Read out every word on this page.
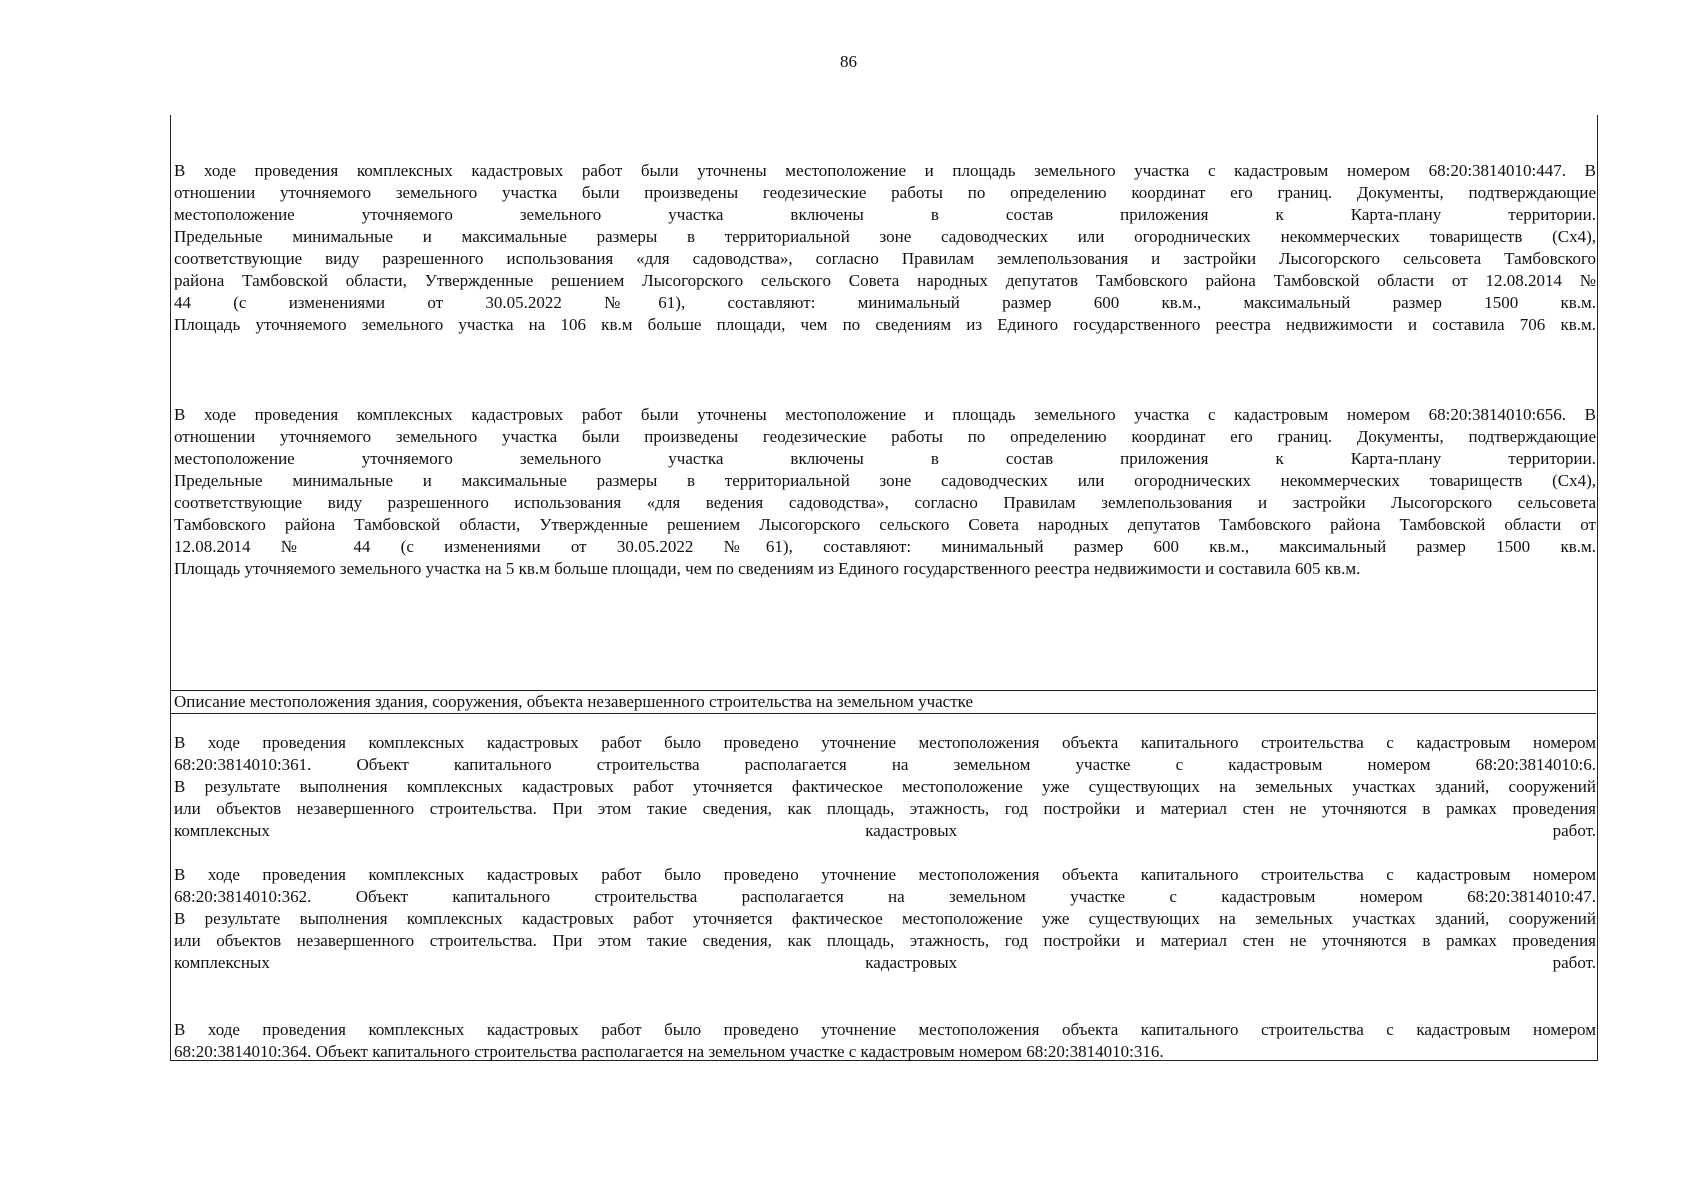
86
В ходе проведения комплексных кадастровых работ были уточнены местоположение и площадь земельного участка с кадастровым номером 68:20:3814010:447. В
отношении уточняемого земельного участка были произведены геодезические работы по определению координат его границ. Документы, подтверждающие
местоположение уточняемого земельного участка включены в состав приложения к Карта-плану территории.
Предельные минимальные и максимальные размеры в территориальной зоне садоводческих или огороднических некоммерческих товариществ (Сх4),
соответствующие виду разрешенного использования «для садоводства», согласно Правилам землепользования и застройки Лысогорского сельсовета Тамбовского
района Тамбовской области, Утвержденные решением Лысогорского сельского Совета народных депутатов Тамбовского района Тамбовской области от 12.08.2014 №
44 (с изменениями от 30.05.2022 №61), составляют: минимальный размер 600 кв.м., максимальный размер 1500 кв.м.
Площадь уточняемого земельного участка на 106 кв.м больше площади, чем по сведениям из Единого государственного реестра недвижимости и составила 706 кв.м.
В ходе проведения комплексных кадастровых работ были уточнены местоположение и площадь земельного участка с кадастровым номером 68:20:3814010:656. В
отношении уточняемого земельного участка были произведены геодезические работы по определению координат его границ. Документы, подтверждающие
местоположение уточняемого земельного участка включены в состав приложения к Карта-плану территории.
Предельные минимальные и максимальные размеры в территориальной зоне садоводческих или огороднических некоммерческих товариществ (Сх4),
соответствующие виду разрешенного использования «для ведения садоводства», согласно Правилам землепользования и застройки Лысогорского сельсовета
Тамбовского района Тамбовской области, Утвержденные решением Лысогорского сельского Совета народных депутатов Тамбовского района Тамбовской области от
12.08.2014 № 44 (с изменениями от 30.05.2022 №61), составляют: минимальный размер 600 кв.м., максимальный размер 1500 кв.м.
Площадь уточняемого земельного участка на 5 кв.м больше площади, чем по сведениям из Единого государственного реестра недвижимости и составила 605 кв.м.
Описание местоположения здания, сооружения, объекта незавершенного строительства на земельном участке
В ходе проведения комплексных кадастровых работ было проведено уточнение местоположения объекта капитального строительства с кадастровым номером
68:20:3814010:361. Объект капитального строительства располагается на земельном участке с кадастровым номером 68:20:3814010:6.
В результате выполнения комплексных кадастровых работ уточняется фактическое местоположение уже существующих на земельных участках зданий, сооружений
или объектов незавершенного строительства. При этом такие сведения, как площадь, этажность, год постройки и материал стен не уточняются в рамках проведения
комплексных кадастровых работ.
В ходе проведения комплексных кадастровых работ было проведено уточнение местоположения объекта капитального строительства с кадастровым номером
68:20:3814010:362. Объект капитального строительства располагается на земельном участке с кадастровым номером 68:20:3814010:47.
В результате выполнения комплексных кадастровых работ уточняется фактическое местоположение уже существующих на земельных участках зданий, сооружений
или объектов незавершенного строительства. При этом такие сведения, как площадь, этажность, год постройки и материал стен не уточняются в рамках проведения
комплексных кадастровых работ.
В ходе проведения комплексных кадастровых работ было проведено уточнение местоположения объекта капитального строительства с кадастровым номером
68:20:3814010:364. Объект капитального строительства располагается на земельном участке с кадастровым номером 68:20:3814010:316.
